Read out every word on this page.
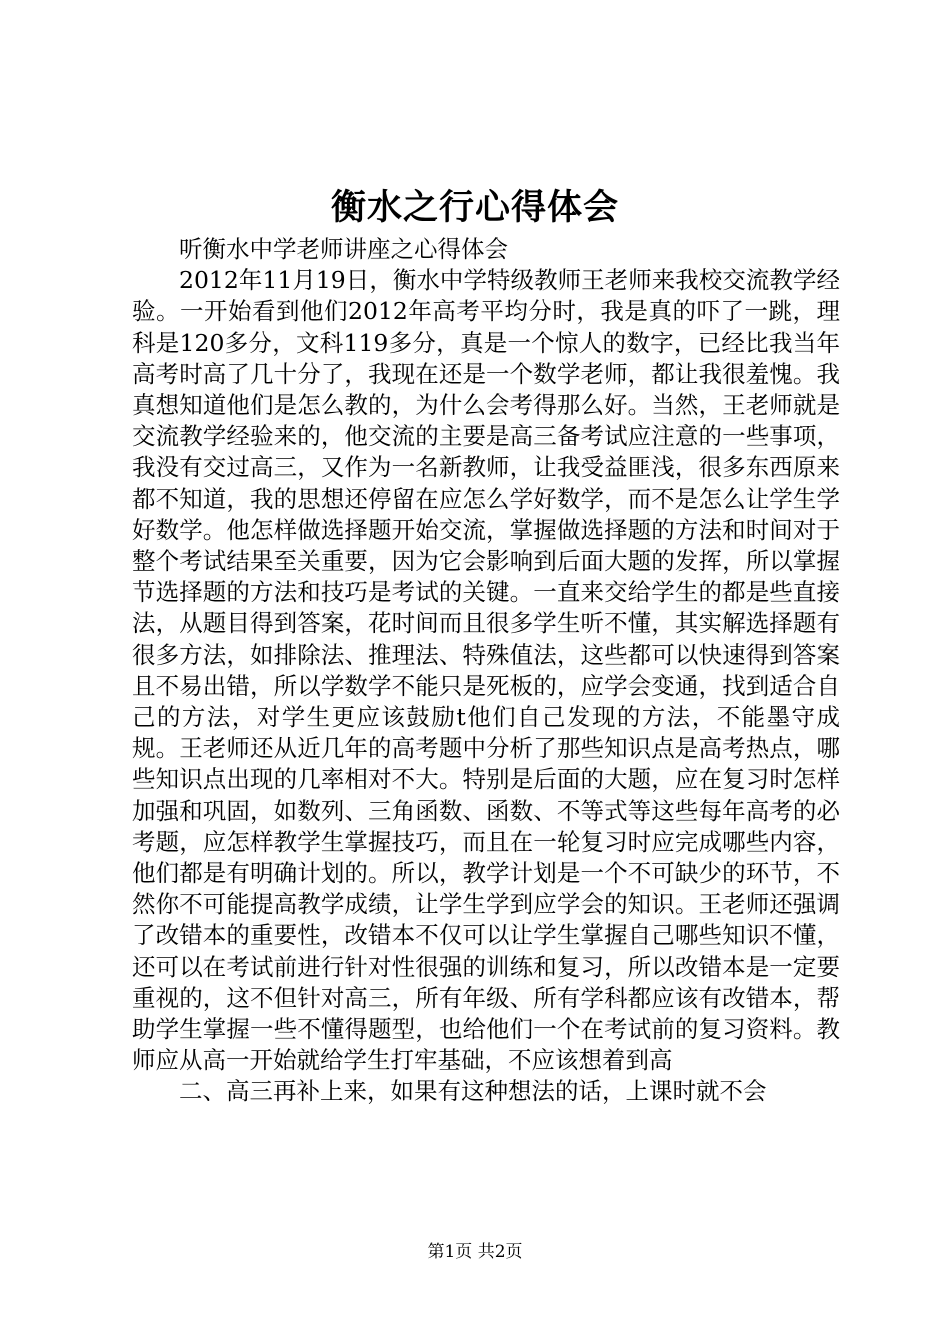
衡水之行心得体会

听衡水中学老师讲座之心得体会

2012年11月19日，衡水中学特级教师王老师来我校交流教学经验。一开始看到他们2012年高考平均分时，我是真的吓了一跳，理科是120多分，文科119多分，真是一个惊人的数字，已经比我当年高考时高了几十分了，我现在还是一个数学老师，都让我很羞愧。我真想知道他们是怎么教的，为什么会考得那么好。当然，王老师就是交流教学经验来的，他交流的主要是高三备考试应注意的一些事项，我没有交过高三，又作为一名新教师，让我受益匪浅，很多东西原来都不知道，我的思想还停留在应怎么学好数学，而不是怎么让学生学好数学。他怎样做选择题开始交流，掌握做选择题的方法和时间对于整个考试结果至关重要，因为它会影响到后面大题的发挥，所以掌握节选择题的方法和技巧是考试的关键。一直来交给学生的都是些直接法，从题目得到答案，花时间而且很多学生听不懂，其实解选择题有很多方法，如排除法、推理法、特殊值法，这些都可以快速得到答案且不易出错，所以学数学不能只是死板的，应学会变通，找到适合自己的方法，对学生更应该鼓励t他们自己发现的方法，不能墨守成规。王老师还从近几年的高考题中分析了那些知识点是高考热点，哪些知识点出现的几率相对不大。特别是后面的大题，应在复习时怎样加强和巩固，如数列、三角函数、函数、不等式等这些每年高考的必考题，应怎样教学生掌握技巧，而且在一轮复习时应完成哪些内容，他们都是有明确计划的。所以，教学计划是一个不可缺少的环节，不然你不可能提高教学成绩，让学生学到应学会的知识。王老师还强调了改错本的重要性，改错本不仅可以让学生掌握自己哪些知识不懂，还可以在考试前进行针对性很强的训练和复习，所以改错本是一定要重视的，这不但针对高三，所有年级、所有学科都应该有改错本，帮助学生掌握一些不懂得题型，也给他们一个在考试前的复习资料。教师应从高一开始就给学生打牢基础，不应该想着到高

二、高三再补上来，如果有这种想法的话，上课时就不会

第1页 共2页
